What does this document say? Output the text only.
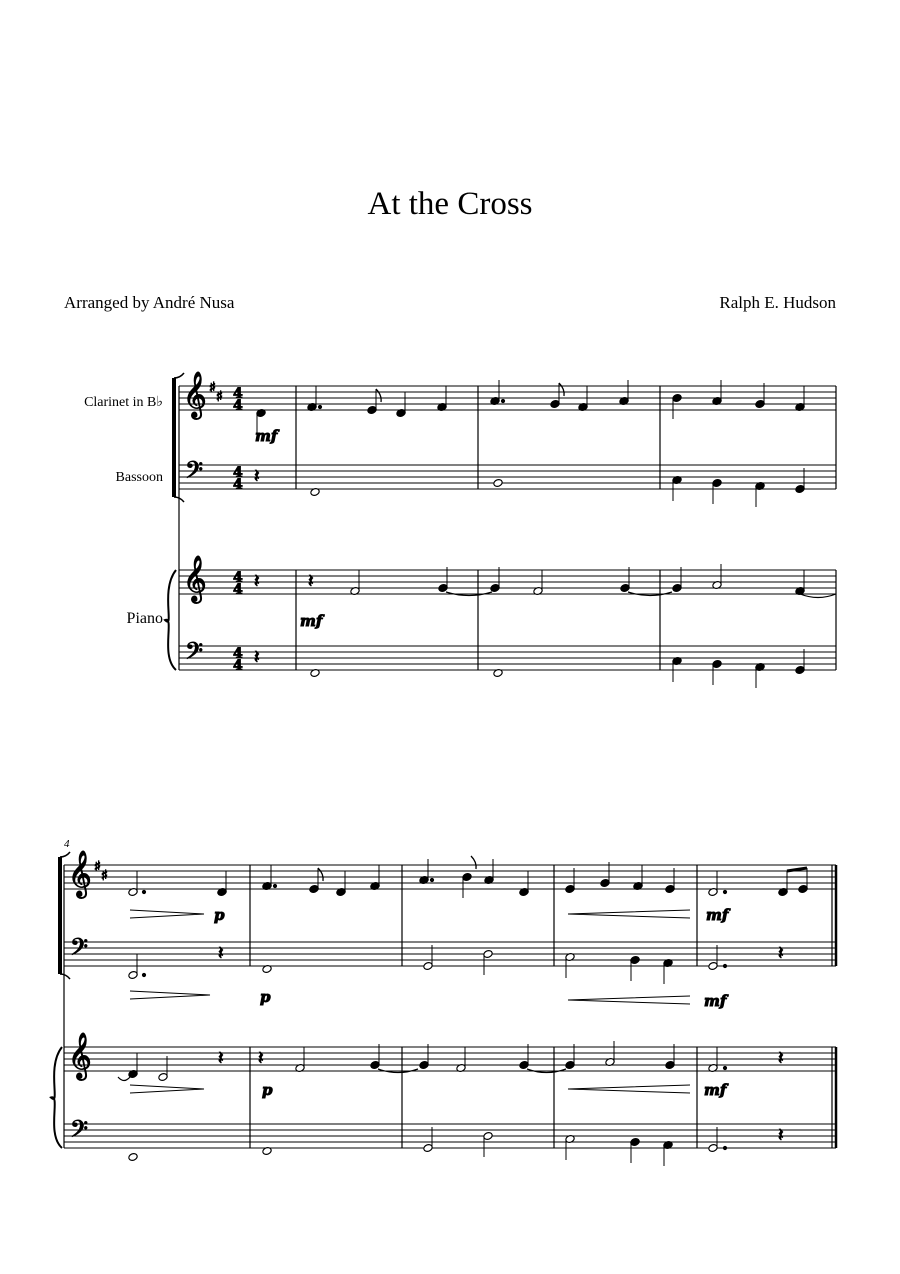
At the Cross
Arranged by André Nusa	Ralph E. Hudson
Clarinet in B♭
Bassoon
Piano
4
𝄞
𝄢
𝄞
𝄢
♯
♯ 4
4
4
4
4
4
4
4
mf
𝄽
𝄽	𝄽
mf
𝄽
𝄞
𝄢
𝄞
𝄢
♯
♯
p	mf
𝄽
p	mf
𝄽
𝄽 𝄽
p	mf
𝄽
𝄽
